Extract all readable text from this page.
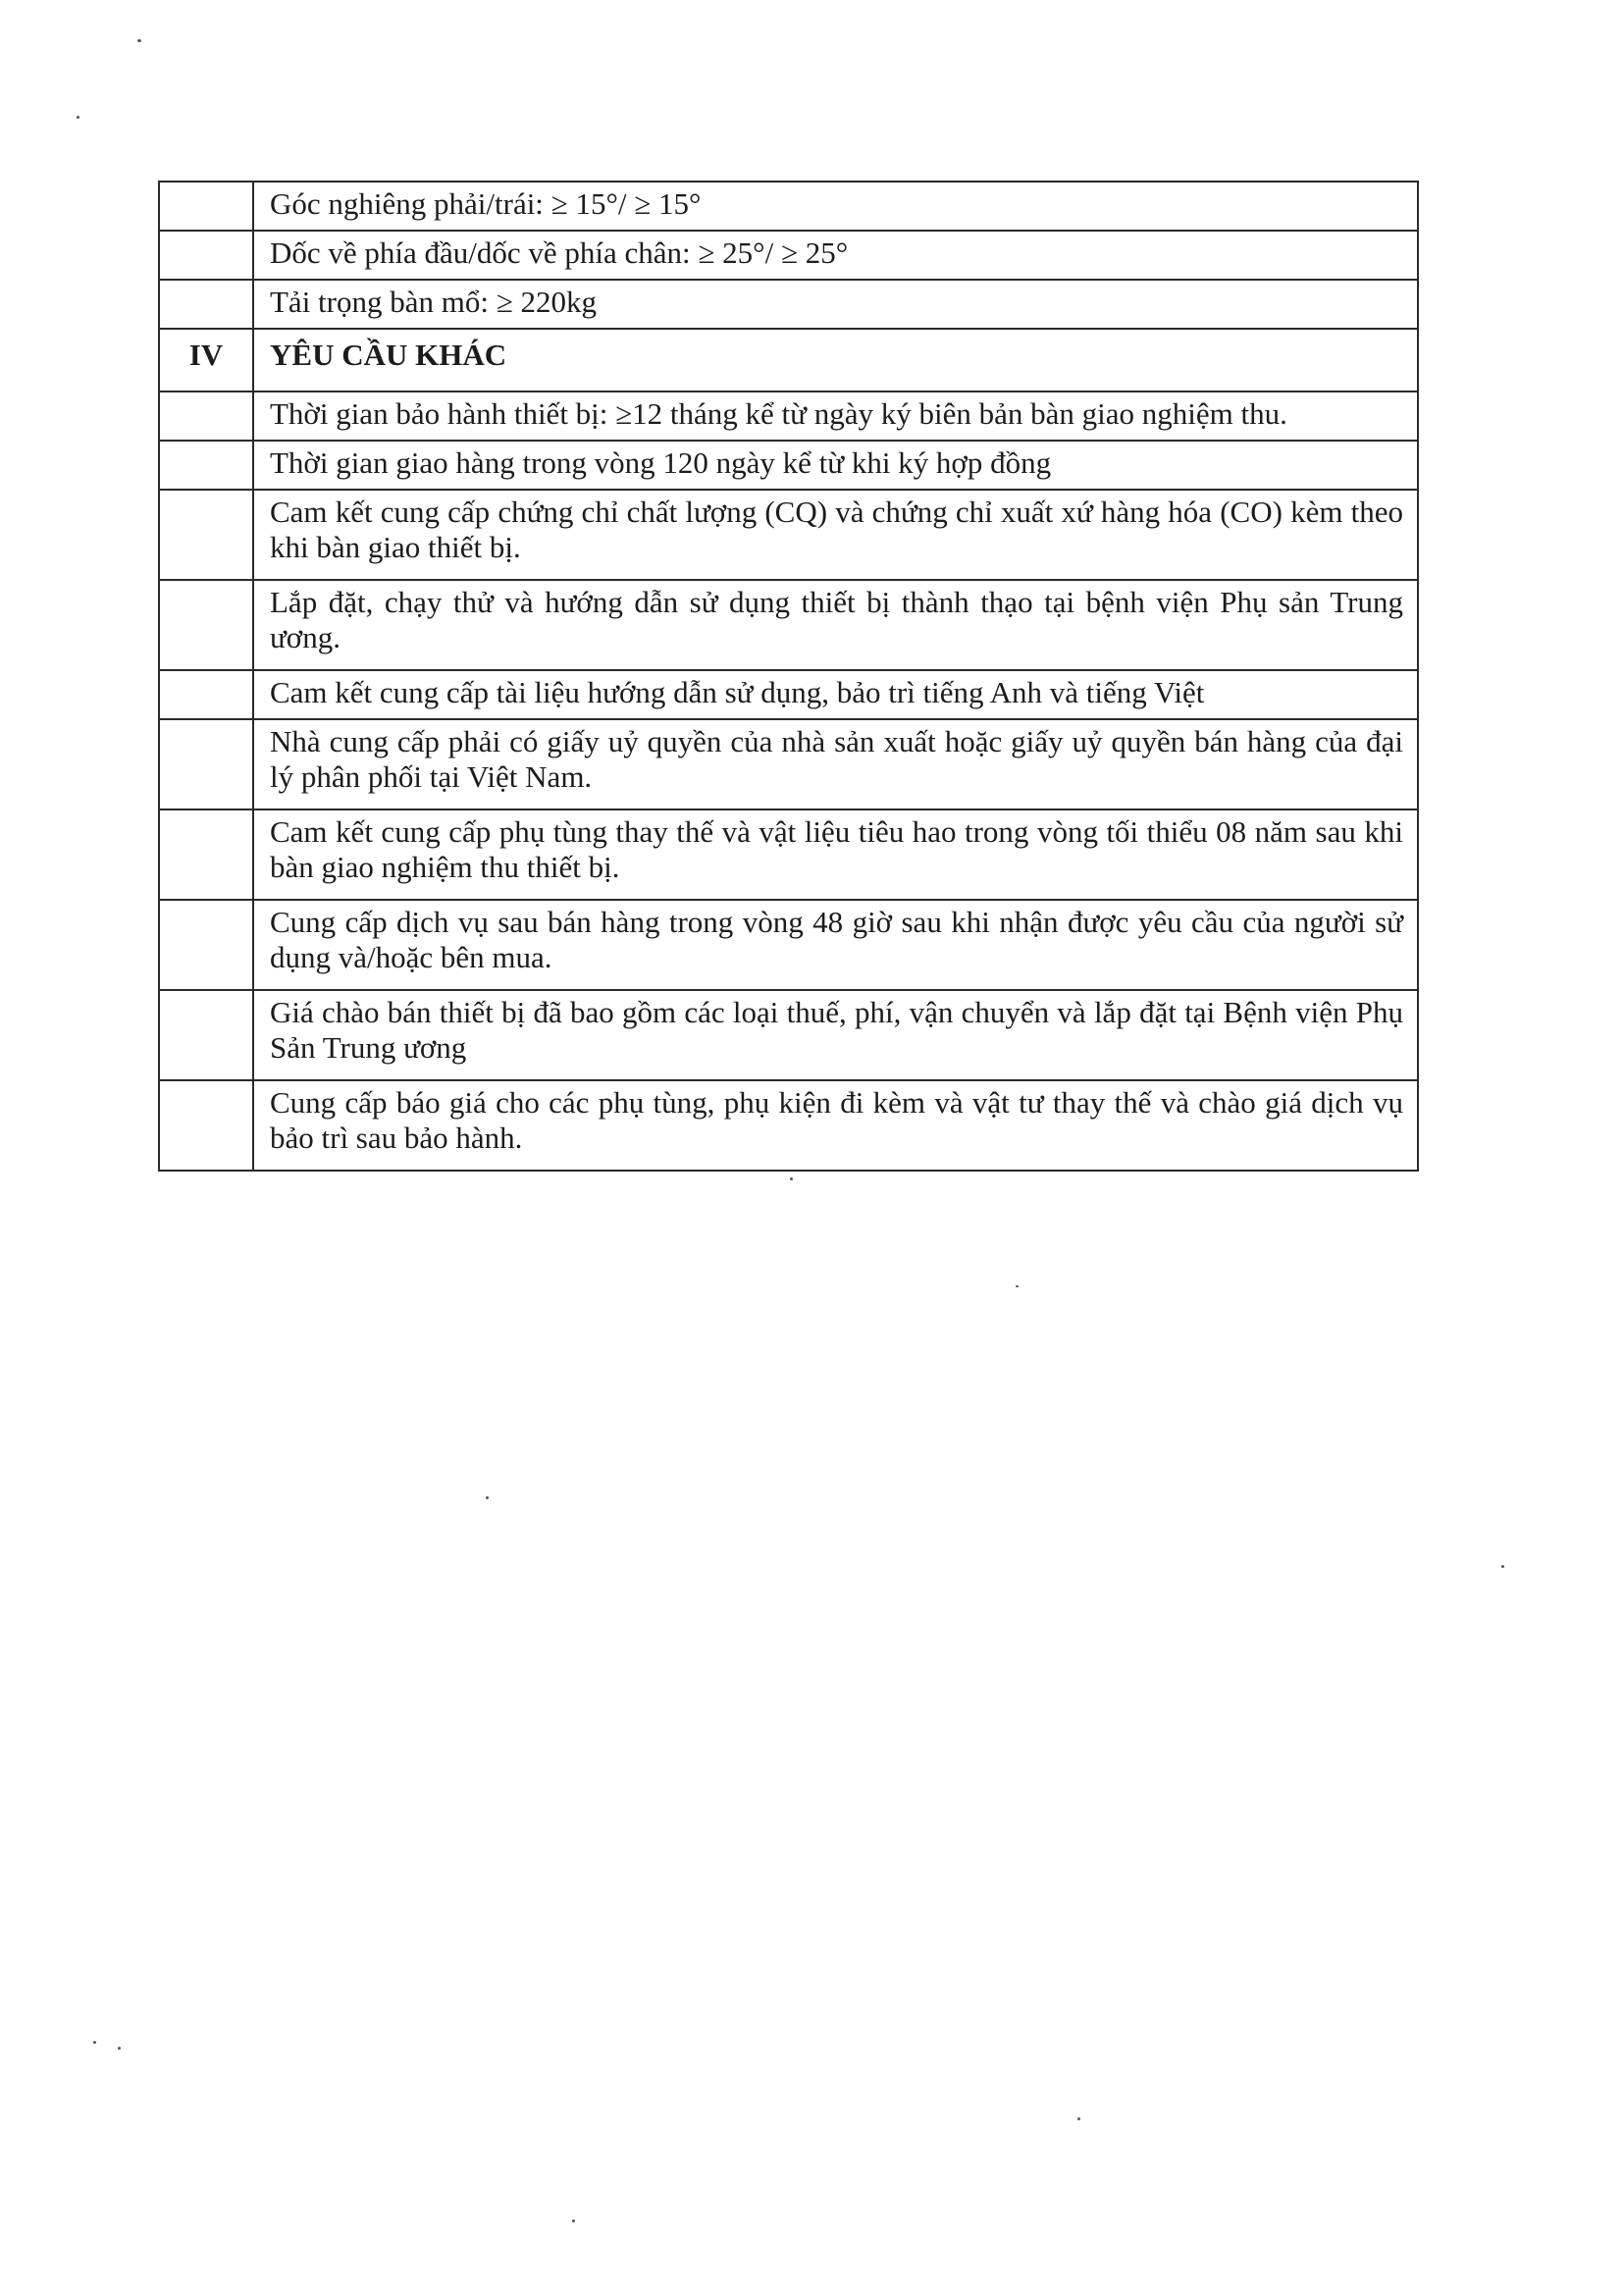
	Góc nghiêng phải/trái: ≥ 15°/ ≥ 15°
	Dốc về phía đầu/dốc về phía chân: ≥ 25°/ ≥ 25°
	Tải trọng bàn mổ: ≥ 220kg
IV	YÊU CẦU KHÁC
	Thời gian bảo hành thiết bị: ≥12 tháng kể từ ngày ký biên bản bàn giao nghiệm thu.
	Thời gian giao hàng trong vòng 120 ngày kể từ khi ký hợp đồng
	Cam kết cung cấp chứng chỉ chất lượng (CQ) và chứng chỉ xuất xứ hàng hóa (CO) kèm theo khi bàn giao thiết bị.
	Lắp đặt, chạy thử và hướng dẫn sử dụng thiết bị thành thạo tại bệnh viện Phụ sản Trung ương.
	Cam kết cung cấp tài liệu hướng dẫn sử dụng, bảo trì tiếng Anh và tiếng Việt
	Nhà cung cấp phải có giấy uỷ quyền của nhà sản xuất hoặc giấy uỷ quyền bán hàng của đại lý phân phối tại Việt Nam.
	Cam kết cung cấp phụ tùng thay thế và vật liệu tiêu hao trong vòng tối thiểu 08 năm sau khi bàn giao nghiệm thu thiết bị.
	Cung cấp dịch vụ sau bán hàng trong vòng 48 giờ sau khi nhận được yêu cầu của người sử dụng và/hoặc bên mua.
	Giá chào bán thiết bị đã bao gồm các loại thuế, phí, vận chuyển và lắp đặt tại Bệnh viện Phụ Sản Trung ương
	Cung cấp báo giá cho các phụ tùng, phụ kiện đi kèm và vật tư thay thế và chào giá dịch vụ bảo trì sau bảo hành.
